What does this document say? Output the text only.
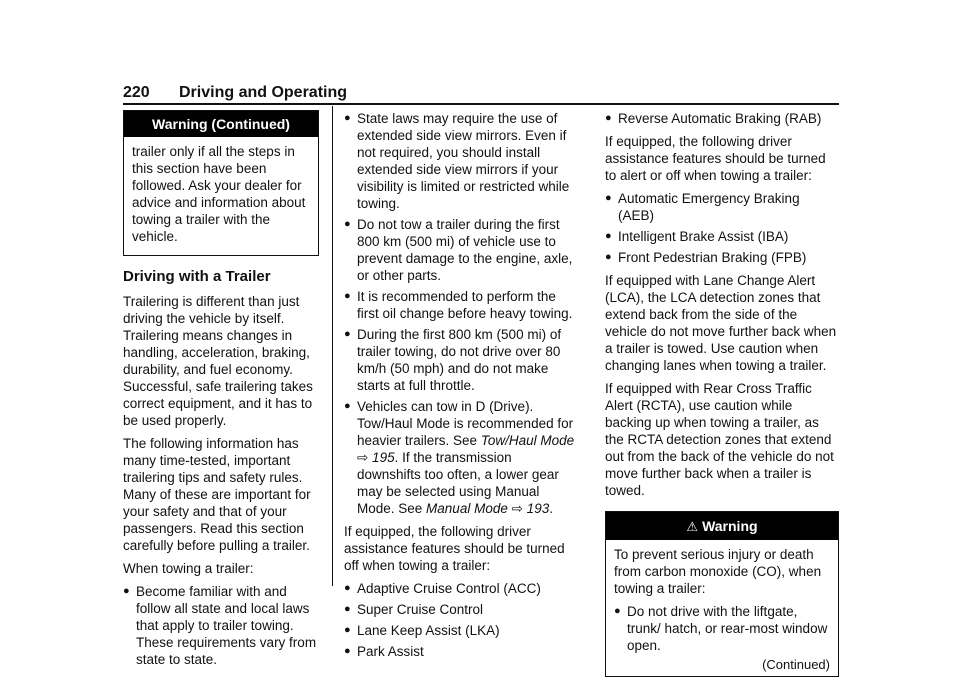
220 Driving and Operating
Warning (Continued)

trailer only if all the steps in this section have been followed. Ask your dealer for advice and information about towing a trailer with the vehicle.

Driving with a Trailer

Trailering is different than just driving the vehicle by itself. Trailering means changes in handling, acceleration, braking, durability, and fuel economy. Successful, safe trailering takes correct equipment, and it has to be used properly.

The following information has many time-tested, important trailering tips and safety rules. Many of these are important for your safety and that of your passengers. Read this section carefully before pulling a trailer.

When towing a trailer:

● Become familiar with and follow all state and local laws that apply to trailer towing. These requirements vary from state to state.
● State laws may require the use of extended side view mirrors. Even if not required, you should install extended side view mirrors if your visibility is limited or restricted while towing.
● Do not tow a trailer during the first 800 km (500 mi) of vehicle use to prevent damage to the engine, axle, or other parts.
● It is recommended to perform the first oil change before heavy towing.
● During the first 800 km (500 mi) of trailer towing, do not drive over 80 km/h (50 mph) and do not make starts at full throttle.
● Vehicles can tow in D (Drive). Tow/Haul Mode is recommended for heavier trailers. See Tow/Haul Mode ⇨ 195. If the transmission downshifts too often, a lower gear may be selected using Manual Mode. See Manual Mode ⇨ 193.

If equipped, the following driver assistance features should be turned off when towing a trailer:

● Adaptive Cruise Control (ACC)
● Super Cruise Control
● Lane Keep Assist (LKA)
● Park Assist
● Reverse Automatic Braking (RAB)

If equipped, the following driver assistance features should be turned to alert or off when towing a trailer:

● Automatic Emergency Braking (AEB)
● Intelligent Brake Assist (IBA)
● Front Pedestrian Braking (FPB)

If equipped with Lane Change Alert (LCA), the LCA detection zones that extend back from the side of the vehicle do not move further back when a trailer is towed. Use caution when changing lanes when towing a trailer.

If equipped with Rear Cross Traffic Alert (RCTA), use caution while backing up when towing a trailer, as the RCTA detection zones that extend out from the back of the vehicle do not move further back when a trailer is towed.

⚠ Warning

To prevent serious injury or death from carbon monoxide (CO), when towing a trailer:

● Do not drive with the liftgate, trunk/ hatch, or rear-most window open.
(Continued)
